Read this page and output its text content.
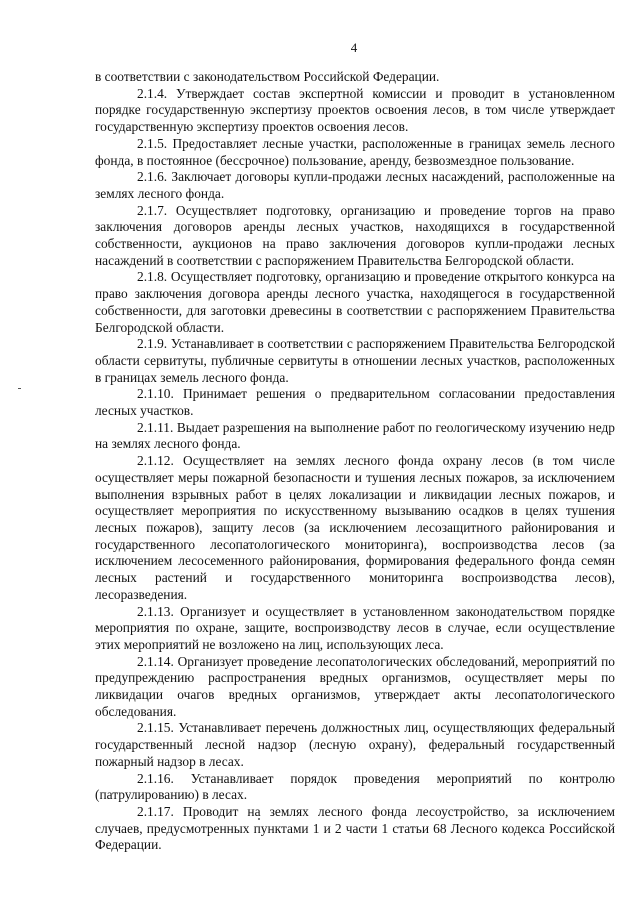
4

в соответствии с законодательством Российской Федерации.

2.1.4. Утверждает состав экспертной комиссии и проводит в установленном порядке государственную экспертизу проектов освоения лесов, в том числе утверждает государственную экспертизу проектов освоения лесов.

2.1.5. Предоставляет лесные участки, расположенные в границах земель лесного фонда, в постоянное (бессрочное) пользование, аренду, безвозмездное пользование.

2.1.6. Заключает договоры купли-продажи лесных насаждений, расположенные на землях лесного фонда.

2.1.7. Осуществляет подготовку, организацию и проведение торгов на право заключения договоров аренды лесных участков, находящихся в государственной собственности, аукционов на право заключения договоров купли-продажи лесных насаждений в соответствии с распоряжением Правительства Белгородской области.

2.1.8. Осуществляет подготовку, организацию и проведение открытого конкурса на право заключения договора аренды лесного участка, находящегося в государственной собственности, для заготовки древесины в соответствии с распоряжением Правительства Белгородской области.

2.1.9. Устанавливает в соответствии с распоряжением Правительства Белгородской области сервитуты, публичные сервитуты в отношении лесных участков, расположенных в границах земель лесного фонда.

2.1.10. Принимает решения о предварительном согласовании предоставления лесных участков.

2.1.11. Выдает разрешения на выполнение работ по геологическому изучению недр на землях лесного фонда.

2.1.12. Осуществляет на землях лесного фонда охрану лесов (в том числе осуществляет меры пожарной безопасности и тушения лесных пожаров, за исключением выполнения взрывных работ в целях локализации и ликвидации лесных пожаров, и осуществляет мероприятия по искусственному вызыванию осадков в целях тушения лесных пожаров), защиту лесов (за исключением лесозащитного районирования и государственного лесопатологического мониторинга), воспроизводства лесов (за исключением лесосеменного районирования, формирования федерального фонда семян лесных растений и государственного мониторинга воспроизводства лесов), лесоразведения.

2.1.13. Организует и осуществляет в установленном законодательством порядке мероприятия по охране, защите, воспроизводству лесов в случае, если осуществление этих мероприятий не возложено на лиц, использующих леса.

2.1.14. Организует проведение лесопатологических обследований, мероприятий по предупреждению распространения вредных организмов, осуществляет меры по ликвидации очагов вредных организмов, утверждает акты лесопатологического обследования.

2.1.15. Устанавливает перечень должностных лиц, осуществляющих федеральный государственный лесной надзор (лесную охрану), федеральный государственный пожарный надзор в лесах.

2.1.16. Устанавливает порядок проведения мероприятий по контролю (патрулированию) в лесах.

2.1.17. Проводит на землях лесного фонда лесоустройство, за исключением случаев, предусмотренных пунктами 1 и 2 части 1 статьи 68 Лесного кодекса Российской Федерации.
